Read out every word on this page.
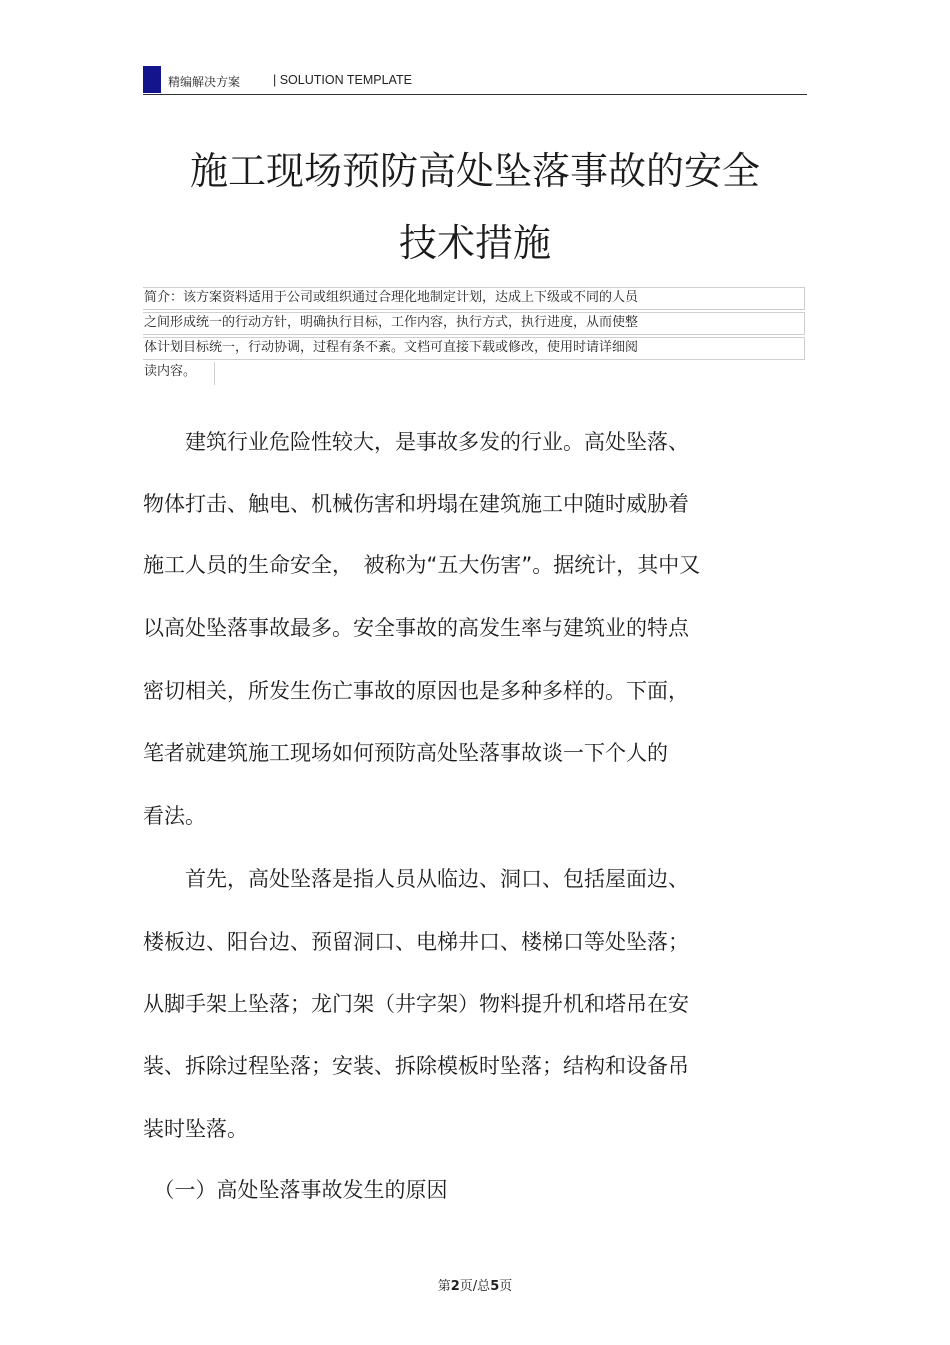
精编解决方案	| SOLUTION TEMPLATE
施工现场预防高处坠落事故的安全
技术措施
简介：该方案资料适用于公司或组织通过合理化地制定计划，达成上下级或不同的人员
之间形成统一的行动方针，明确执行目标，工作内容，执行方式，执行进度，从而使整
体计划目标统一，行动协调，过程有条不紊。文档可直接下载或修改，使用时请详细阅
读内容。
　　建筑行业危险性较大，是事故多发的行业。高处坠落、
物体打击、触电、机械伤害和坍塌在建筑施工中随时威胁着
施工人员的生命安全，　被称为“五大伤害”。据统计，其中又
以高处坠落事故最多。安全事故的高发生率与建筑业的特点
密切相关，所发生伤亡事故的原因也是多种多样的。下面，
笔者就建筑施工现场如何预防高处坠落事故谈一下个人的
看法。
　　首先，高处坠落是指人员从临边、洞口、包括屋面边、
楼板边、阳台边、预留洞口、电梯井口、楼梯口等处坠落；
从脚手架上坠落；龙门架（井字架）物料提升机和塔吊在安
装、拆除过程坠落；安装、拆除模板时坠落；结构和设备吊
装时坠落。
　（一）高处坠落事故发生的原因
第2页/总5页
